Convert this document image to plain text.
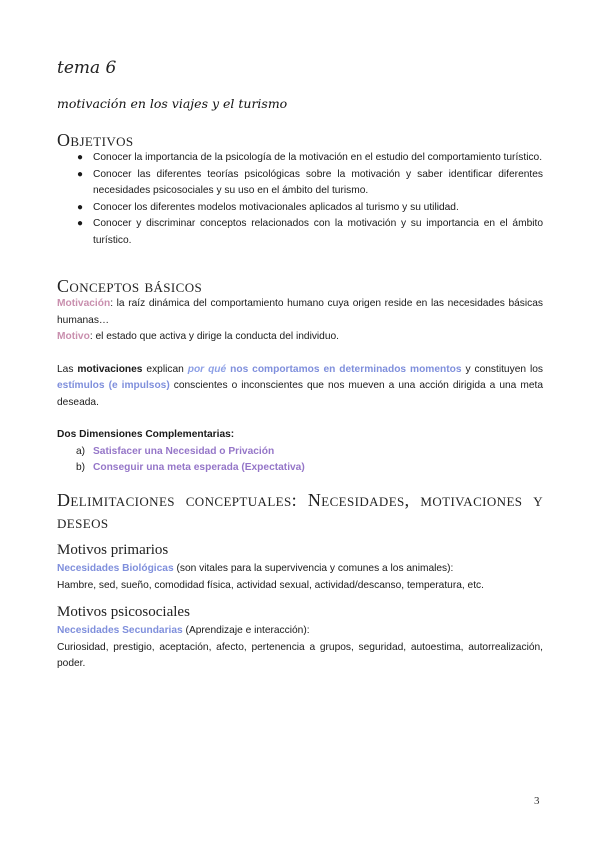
tema 6
motivación en los viajes y el turismo
Objetivos
● Conocer la importancia de la psicología de la motivación en el estudio del comportamiento turístico.
● Conocer las diferentes teorías psicológicas sobre la motivación y saber identificar diferentes necesidades psicosociales y su uso en el ámbito del turismo.
● Conocer los diferentes modelos motivacionales aplicados al turismo y su utilidad.
● Conocer y discriminar conceptos relacionados con la motivación y su importancia en el ámbito turístico.
Conceptos básicos

Motivación: la raíz dinámica del comportamiento humano cuya origen reside en las necesidades básicas humanas…

Motivo: el estado que activa y dirige la conducta del individuo.

Las motivaciones explican por qué nos comportamos en determinados momentos y constituyen los estímulos (e impulsos) conscientes o inconscientes que nos mueven a una acción dirigida a una meta deseada.

Dos Dimensiones Complementarias:

a) Satisfacer una Necesidad o Privación
b) Conseguir una meta esperada (Expectativa)
Delimitaciones conceptuales: Necesidades, motivaciones y deseos
Motivos primarios

Necesidades Biológicas (son vitales para la supervivencia y comunes a los animales):

Hambre, sed, sueño, comodidad física, actividad sexual, actividad/descanso, temperatura, etc.

Motivos psicosociales

Necesidades Secundarias (Aprendizaje e interacción):

Curiosidad, prestigio, aceptación, afecto, pertenencia a grupos, seguridad, autoestima, autorrealización, poder.

3
